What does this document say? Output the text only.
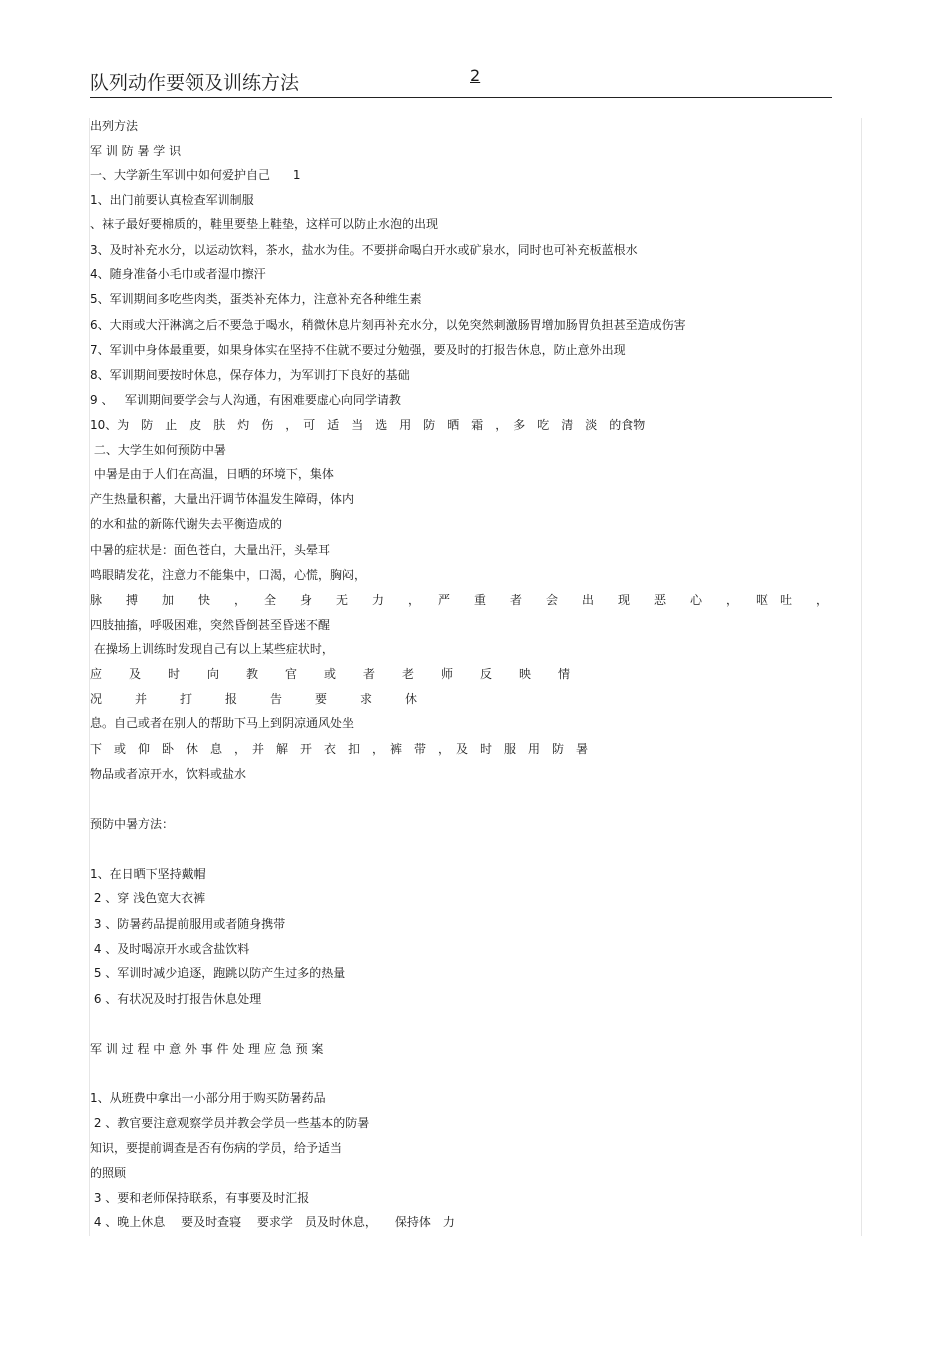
队列动作要领及训练方法	2
出列方法
军 训 防 暑 学 识
一、大学新生军训中如何爱护自己      1
1、出门前要认真检查军训制服
、袜子最好要棉质的，鞋里要垫上鞋垫，这样可以防止水泡的出现
3、及时补充水分，以运动饮料，茶水，盐水为佳。不要拼命喝白开水或矿泉水，同时也可补充板蓝根水
4、随身准备小毛巾或者湿巾擦汗
5、军训期间多吃些肉类，蛋类补充体力，注意补充各种维生素
6、大雨或大汗淋漓之后不要急于喝水，稍微休息片刻再补充水分，以免突然刺激肠胃增加肠胃负担甚至造成伤害
7、军训中身体最重要，如果身体实在坚持不住就不要过分勉强，要及时的打报告休息，防止意外出现
8、军训期间要按时休息，保存体力，为军训打下良好的基础
9 、   军训期间要学会与人沟通，有困难要虚心向同学请教
10、为　防　止　皮　肤　灼　伤　，　可　适　当　选　用　防　晒　霜　，　多　吃　清　淡　的食物
二、大学生如何预防中暑
中暑是由于人们在高温，日晒的环境下，集体
产生热量积蓄，大量出汗调节体温发生障碍，体内
的水和盐的新陈代谢失去平衡造成的
中暑的症状是：面色苍白，大量出汗，头晕耳
鸣眼睛发花，注意力不能集中，口渴，心慌，胸闷，
脉　　搏　　加　　快　　，　　全　　身　　无　　力　　，　　严　　重　　者　　会　　出　　现　　恶　　心　　，　　呕　吐　　，
四肢抽搐，呼吸困难，突然昏倒甚至昏迷不醒
在操场上训练时发现自己有以上某些症状时，
应及时向教官或者老师反映情
况并打报告要求休
息。自己或者在别人的帮助下马上到阴凉通风处坐
下　或　仰　卧　休　息　，　并　解　开　衣　扣　，　裤　带　，　及　时　服　用　防　暑
物品或者凉开水，饮料或盐水
预防中暑方法：
1、在日晒下坚持戴帽
2 、穿 浅色宽大衣裤
3 、防暑药品提前服用或者随身携带
4 、及时喝凉开水或含盐饮料
5 、军训时减少追逐，跑跳以防产生过多的热量
6 、有状况及时打报告休息处理
军 训 过 程 中 意 外 事 件 处 理 应 急 预 案
1、从班费中拿出一小部分用于购买防暑药品
2 、教官要注意观察学员并教会学员一些基本的防暑
知识，要提前调查是否有伤病的学员，给予适当
的照顾
3 、要和老师保持联系，有事要及时汇报
4 、晚上休息　 要及时查寝　 要求学　员及时休息，　　保持体　力
